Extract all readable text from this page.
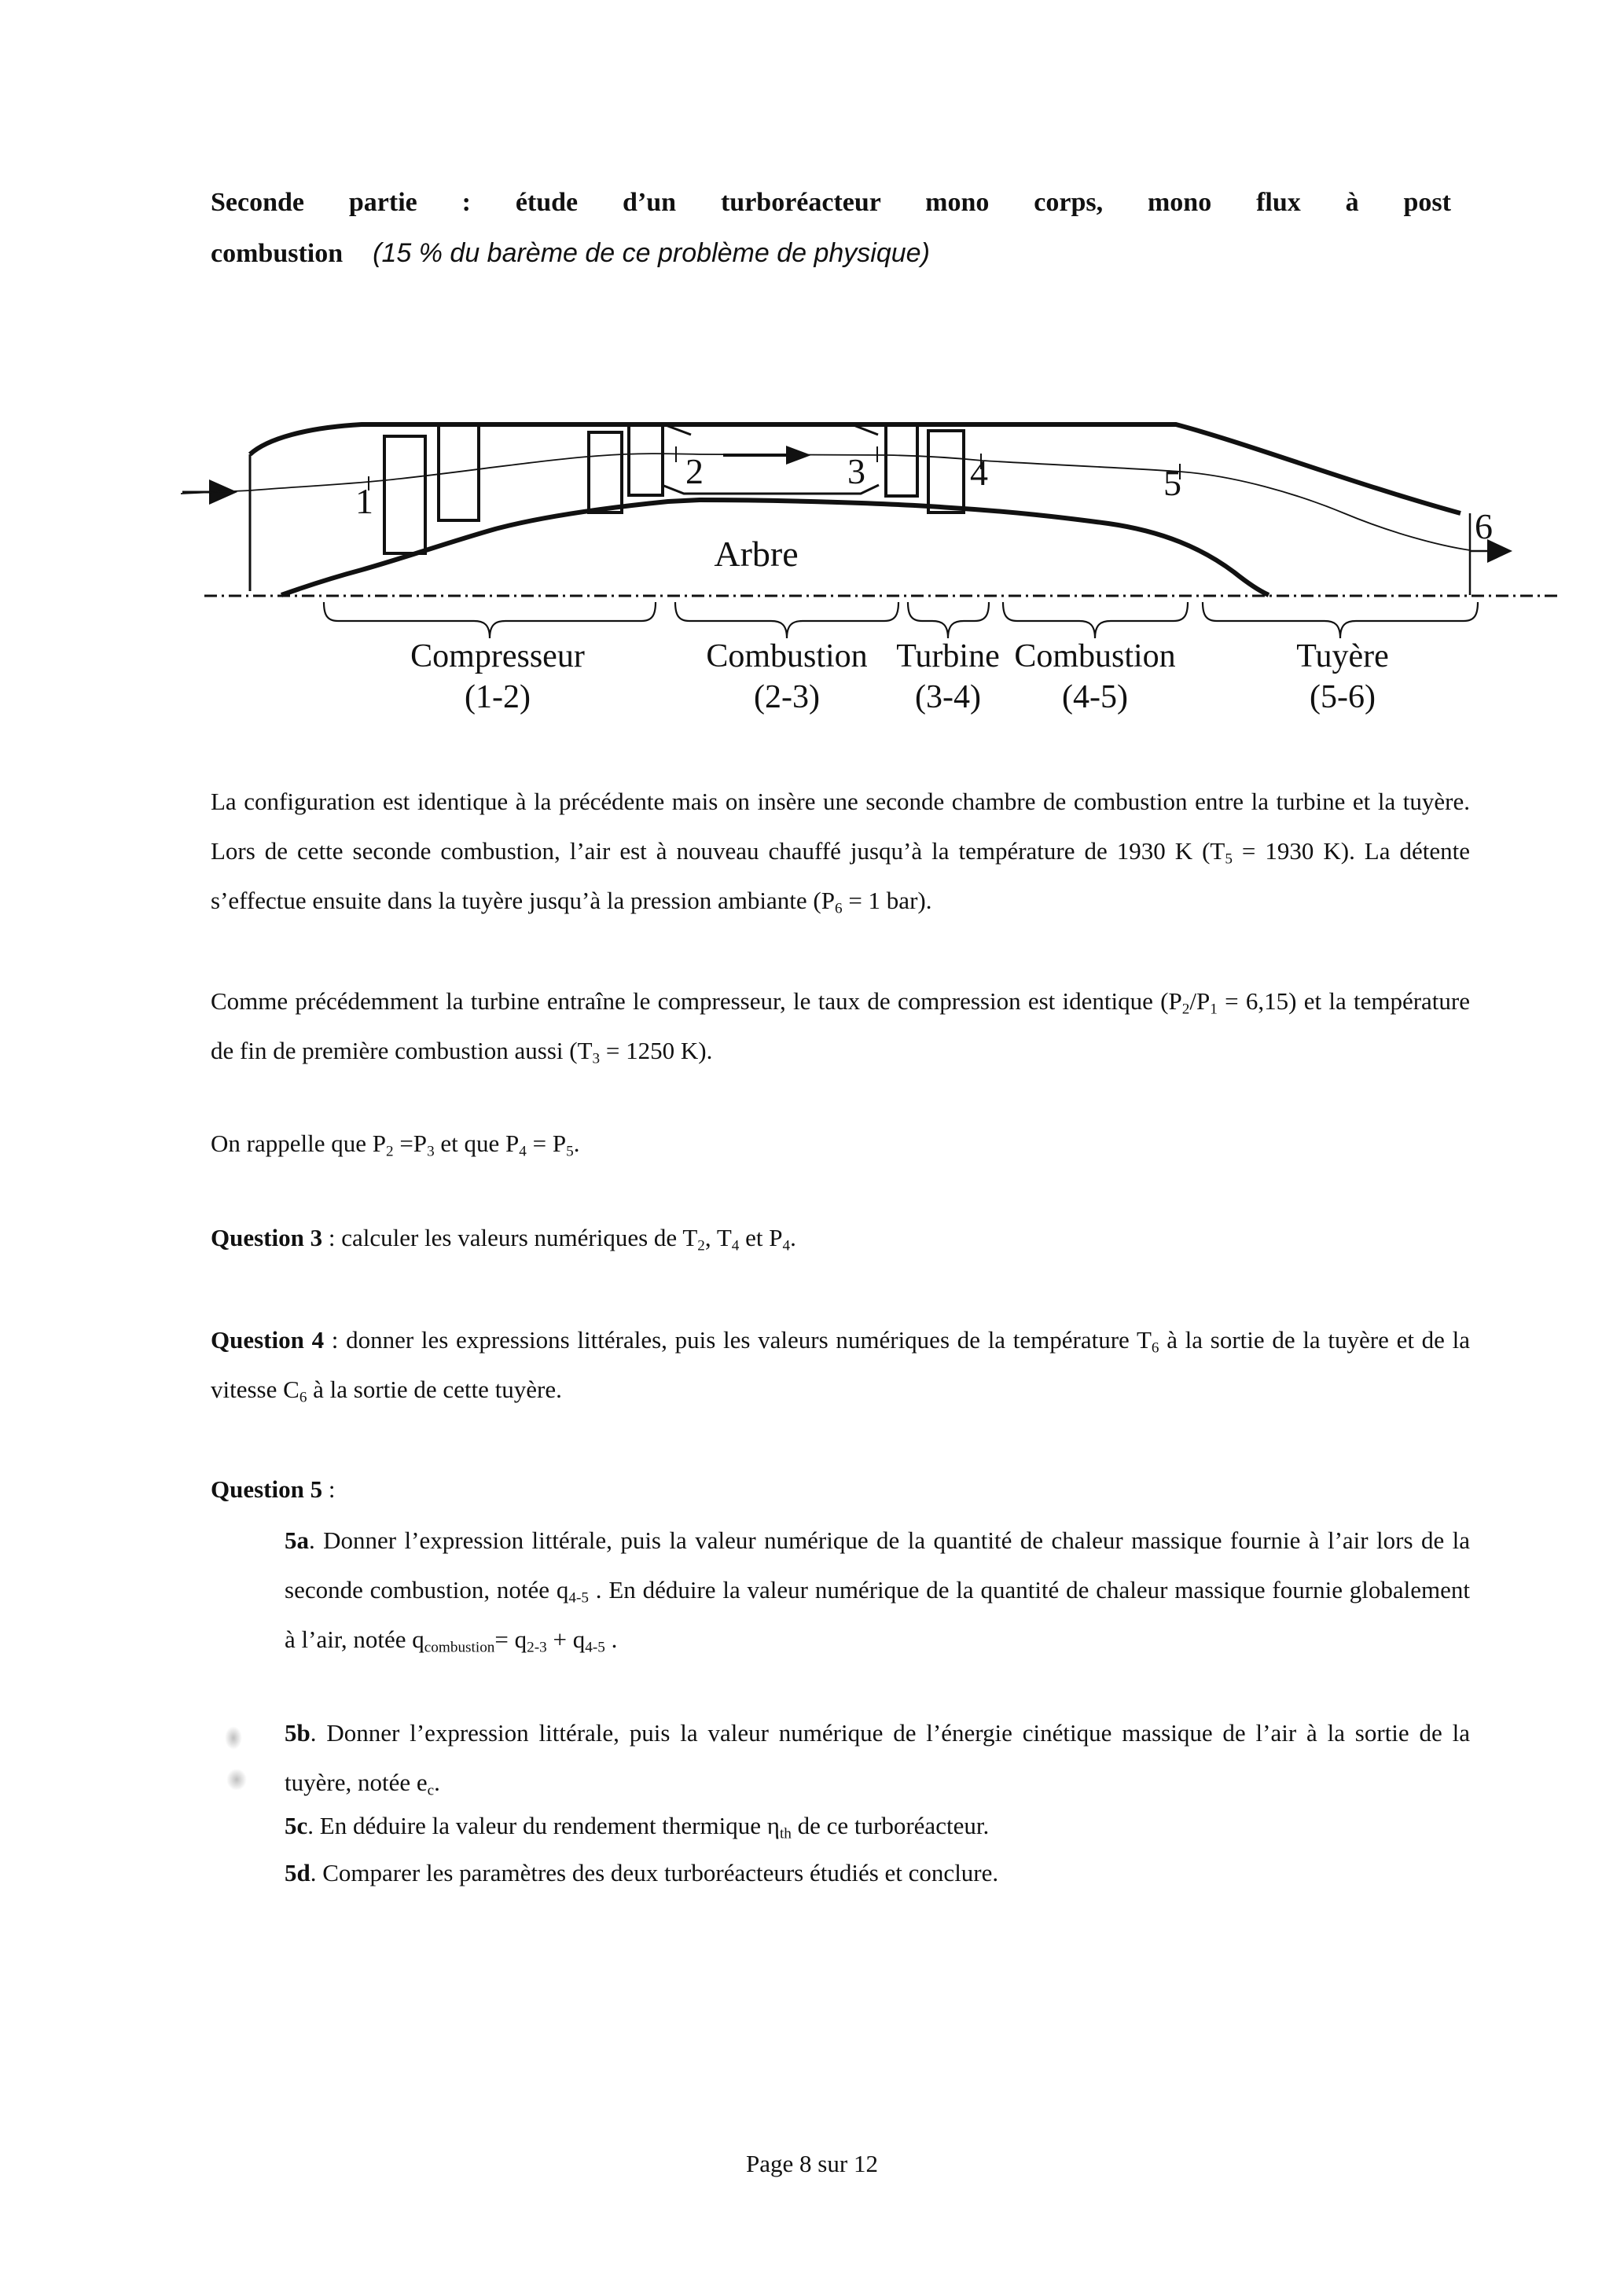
Seconde partie : étude d’un turboréacteur mono corps, mono flux à post
combustion (15 % du barème de ce problème de physique)
1
2	3	4	5
6
Arbre
Compresseur	Combustion Turbine Combustion	Tuyère
(1-2)	(2-3)	(3-4) (4-5)	(5-6)

La configuration est identique à la précédente mais on insère une seconde chambre de combustion entre la turbine et la tuyère. Lors de cette seconde combustion, l’air est à nouveau chauffé jusqu’à la température de 1930 K ($T_5 = 1930$ K). La détente s’effectue ensuite dans la tuyère jusqu’à la pression ambiante ($P_6 = 1$ bar).

Comme précédemment la turbine entraîne le compresseur, le taux de compression est identique $(P_2/P_1 = 6,15)$ et la température de fin de première combustion aussi ($T_3 = 1250$ K).

On rappelle que $P_2 =P_3$ et que $P_4 = P_5$.

Question 3 : calculer les valeurs numériques de $T_2$, $T_4$ et $P_4$.

Question 4 : donner les expressions littérales, puis les valeurs numériques de la température $T_6$ à la sortie de la tuyère et de la vitesse $C_6$ à la sortie de cette tuyère.

Question 5 :

5a. Donner l’expression littérale, puis la valeur numérique de la quantité de chaleur massique fournie à l’air lors de la seconde combustion, notée $q_{4-5}$ . En déduire la valeur numérique de la quantité de chaleur massique fournie globalement à l’air, notée $q_{combustion}= q_{2-3} + q_{4-5}$ .

5b. Donner l’expression littérale, puis la valeur numérique de l’énergie cinétique massique de l’air à la sortie de la tuyère, notée $e_c$.

5c. En déduire la valeur du rendement thermique $\eta_{th}$ de ce turboréacteur.

5d. Comparer les paramètres des deux turboréacteurs étudiés et conclure.

Page 8 sur 12
